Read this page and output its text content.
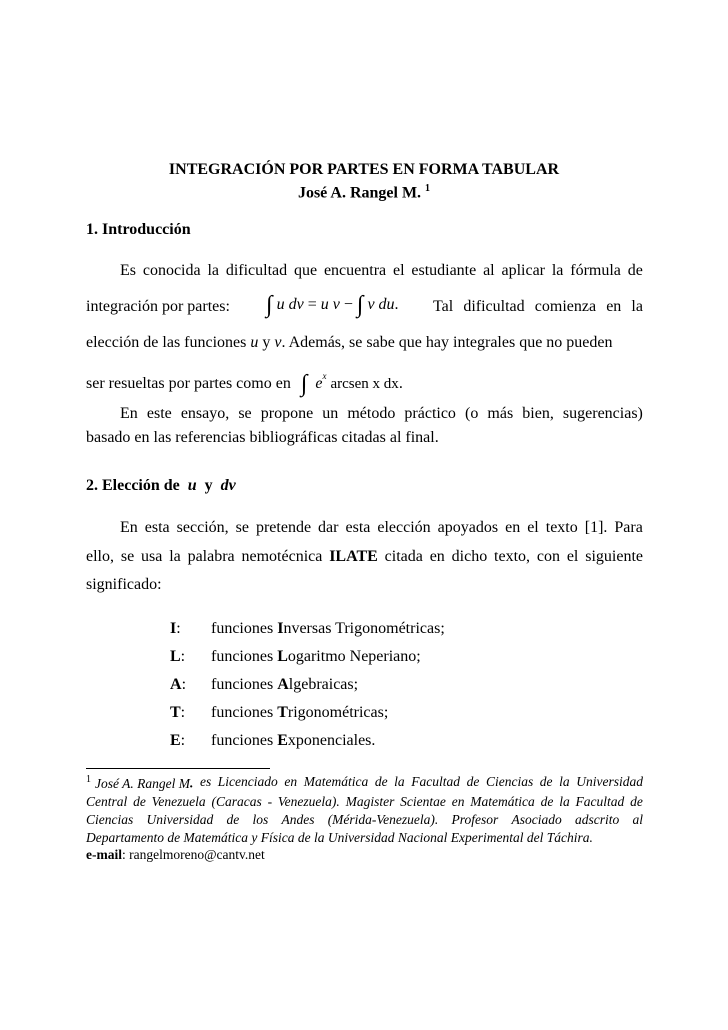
INTEGRACIÓN POR PARTES EN FORMA TABULAR
José A. Rangel M. $^1$
1. Introducción
Es conocida la dificultad que encuentra el estudiante al aplicar la fórmula de
integración por partes: ∫ u dv = u v − ∫ v du. Tal dificultad comienza en la
elección de las funciones u y v. Además, se sabe que hay integrales que no pueden
ser resueltas por partes como en ∫ $e^x$ arcsen x dx.
En este ensayo, se propone un método práctico (o más bien, sugerencias)
basado en las referencias bibliográficas citadas al final.
2. Elección de u y dv
En esta sección, se pretende dar esta elección apoyados en el texto [1]. Para
ello, se usa la palabra nemotécnica ILATE citada en dicho texto, con el siguiente
significado:
I: funciones Inversas Trigonométricas;
L: funciones Logaritmo Neperiano;
A: funciones Algebraicas;
T: funciones Trigonométricas;
E: funciones Exponenciales.
$^1$ José A. Rangel M. es Licenciado en Matemática de la Facultad de Ciencias de la Universidad
Central de Venezuela (Caracas - Venezuela). Magister Scientae en Matemática de la Facultad de
Ciencias Universidad de los Andes (Mérida-Venezuela). Profesor Asociado adscrito al
Departamento de Matemática y Física de la Universidad Nacional Experimental del Táchira.
e-mail: rangelmoreno@cantv.net
